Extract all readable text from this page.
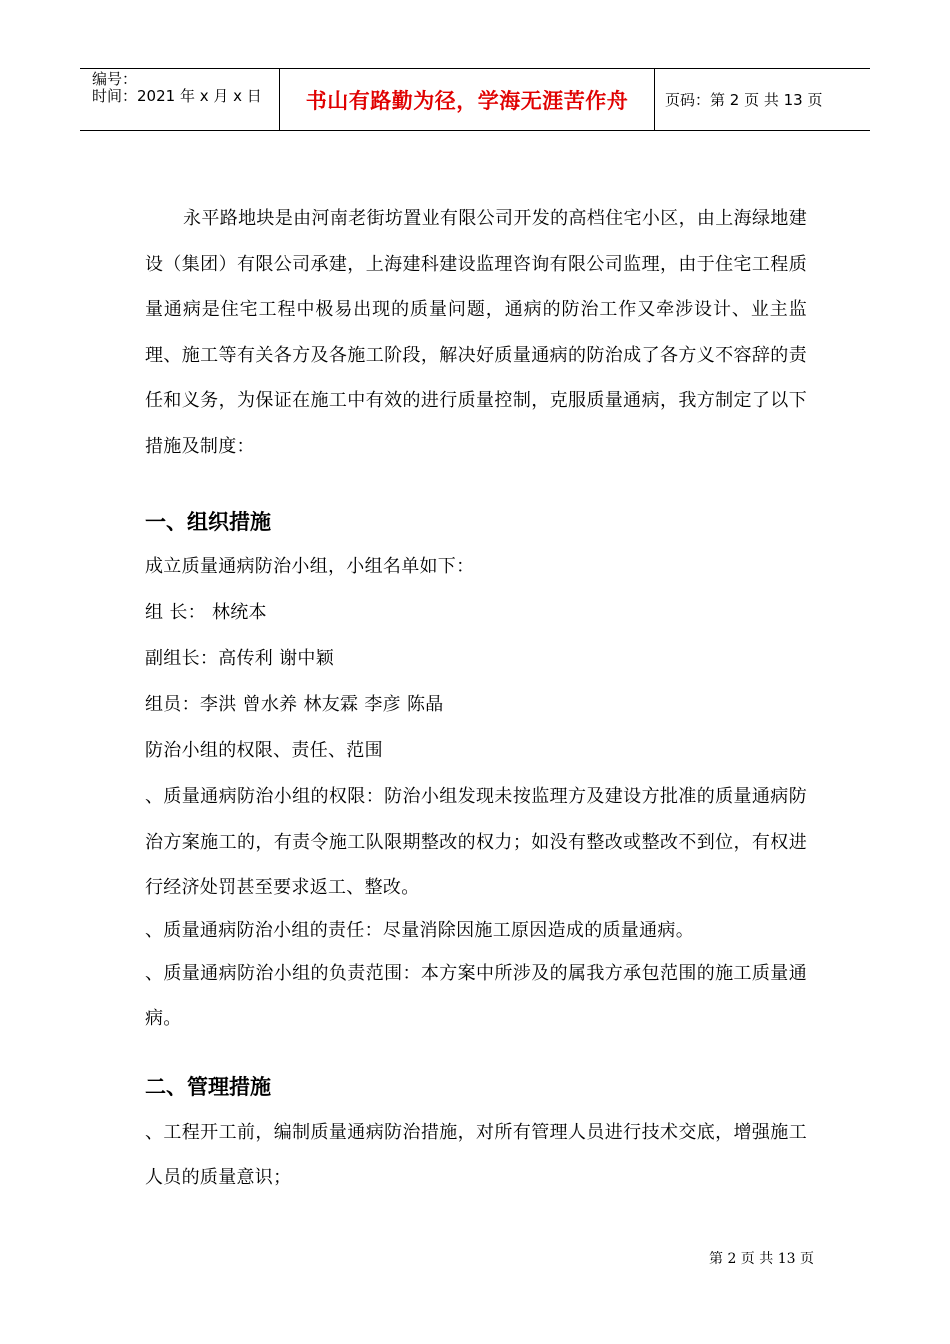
编号：
时间：2021 年 x 月 x 日	书山有路勤为径，学海无涯苦作舟	页码：第 2 页 共 13 页

永平路地块是由河南老街坊置业有限公司开发的高档住宅小区，由上海绿地建设（集团）有限公司承建，上海建科建设监理咨询有限公司监理，由于住宅工程质量通病是住宅工程中极易出现的质量问题，通病的防治工作又牵涉设计、业主监理、施工等有关各方及各施工阶段，解决好质量通病的防治成了各方义不容辞的责任和义务，为保证在施工中有效的进行质量控制，克服质量通病，我方制定了以下措施及制度：

一、组织措施

成立质量通病防治小组，小组名单如下：

组 长： 林统本

副组长：高传利 谢中颖

组员：李洪 曾水养 林友霖 李彦 陈晶

防治小组的权限、责任、范围

、质量通病防治小组的权限：防治小组发现未按监理方及建设方批准的质量通病防治方案施工的，有责令施工队限期整改的权力；如没有整改或整改不到位，有权进行经济处罚甚至要求返工、整改。

、质量通病防治小组的责任：尽量消除因施工原因造成的质量通病。

、质量通病防治小组的负责范围：本方案中所涉及的属我方承包范围的施工质量通病。

二、管理措施

、工程开工前，编制质量通病防治措施，对所有管理人员进行技术交底，增强施工人员的质量意识；

第 2 页 共 13 页
